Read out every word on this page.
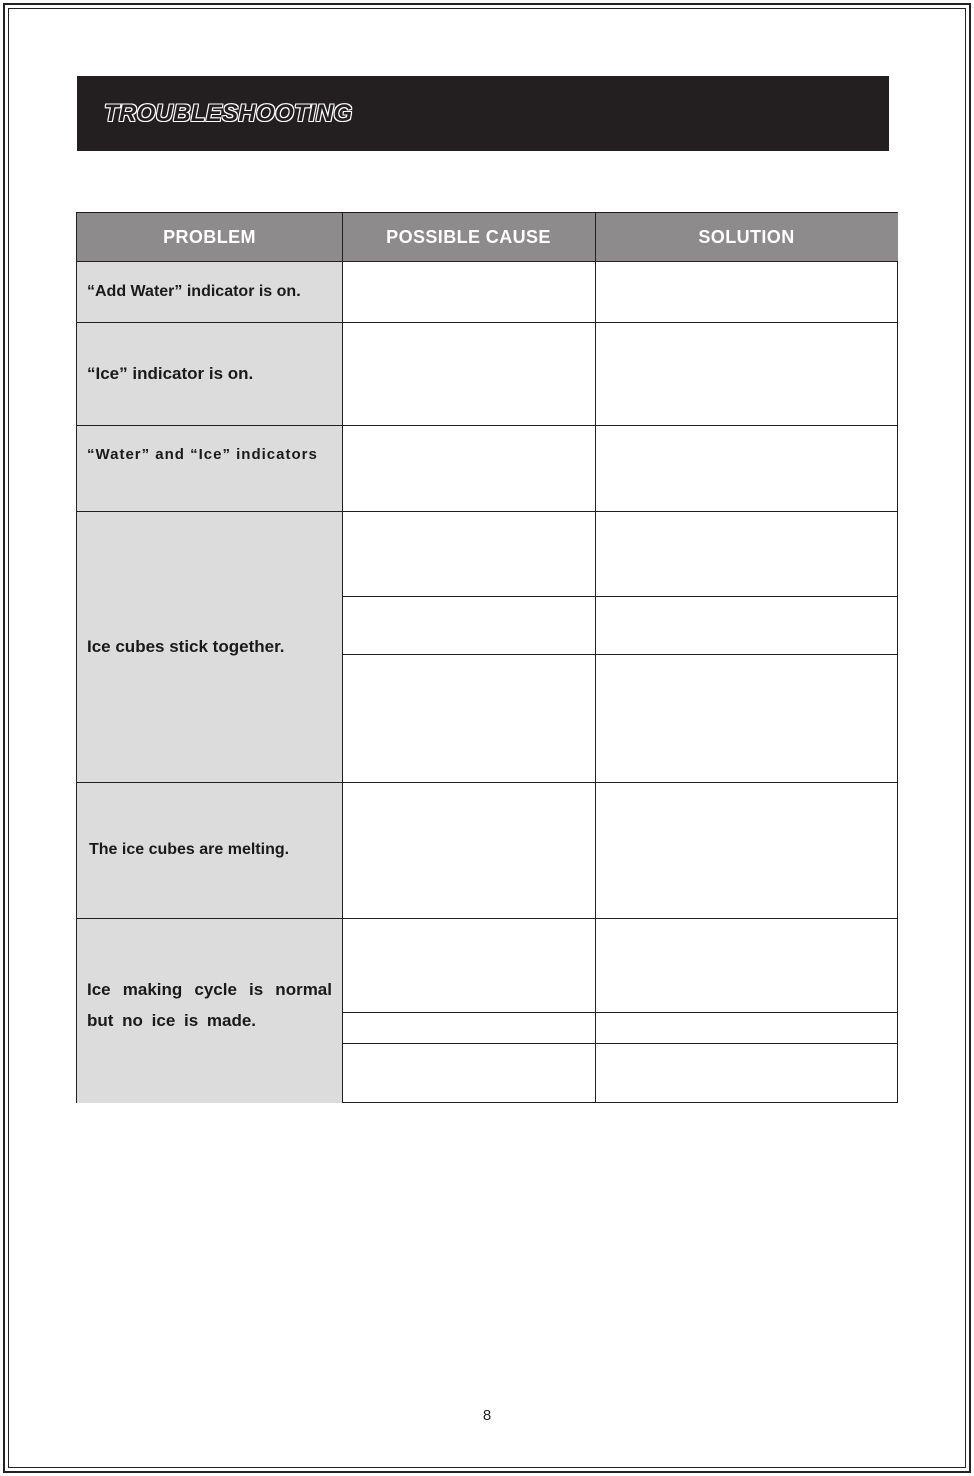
TROUBLESHOOTING
PROBLEM	POSSIBLE CAUSE	SOLUTION
“Add Water” indicator is on.
“Ice” indicator is on.
“Water” and “Ice” indicators
Ice cubes stick together.
The ice cubes are melting.
Ice making cycle is normal but no ice is made.
8
